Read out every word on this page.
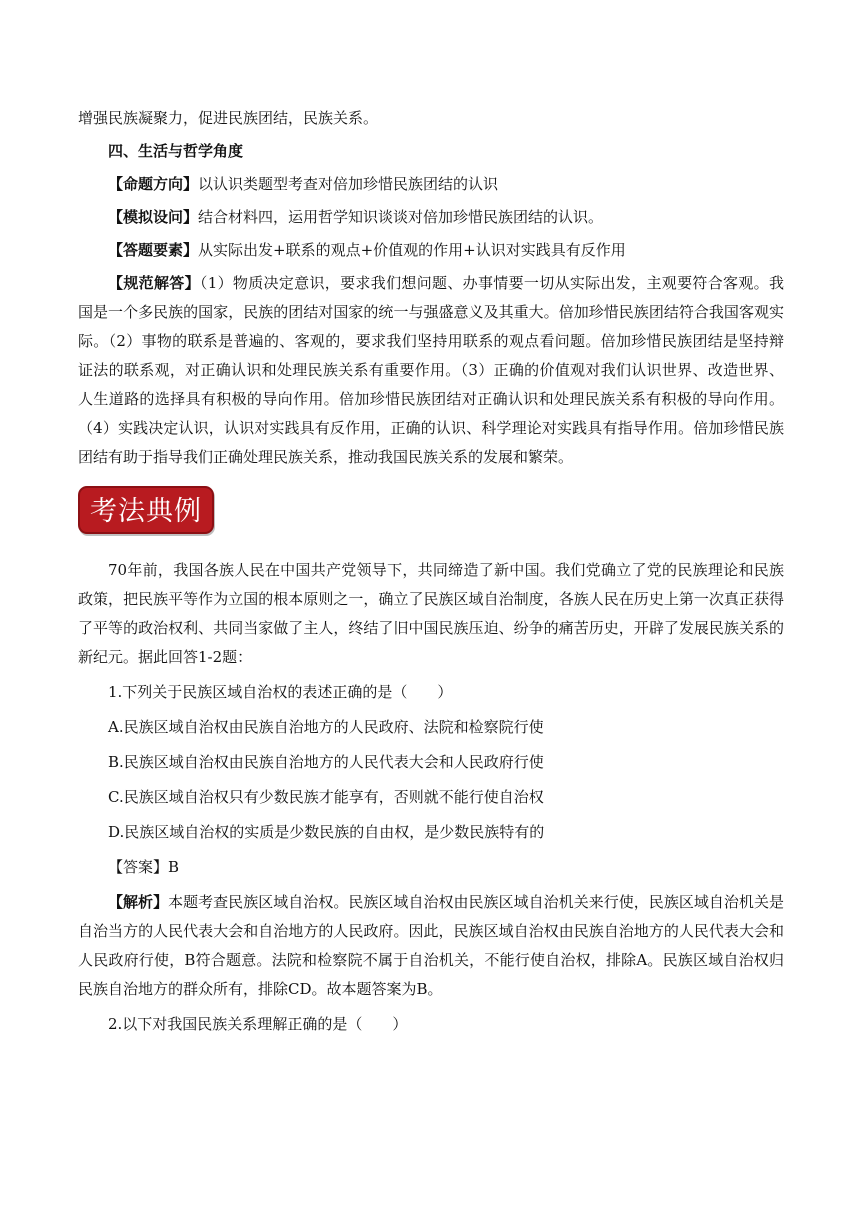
增强民族凝聚力，促进民族团结，民族关系。

四、生活与哲学角度

【命题方向】以认识类题型考查对倍加珍惜民族团结的认识

【模拟设问】结合材料四，运用哲学知识谈谈对倍加珍惜民族团结的认识。

【答题要素】从实际出发+联系的观点+价值观的作用+认识对实践具有反作用

【规范解答】（1）物质决定意识，要求我们想问题、办事情要一切从实际出发，主观要符合客观。我国是一个多民族的国家，民族的团结对国家的统一与强盛意义及其重大。倍加珍惜民族团结符合我国客观实际。（2）事物的联系是普遍的、客观的，要求我们坚持用联系的观点看问题。倍加珍惜民族团结是坚持辩证法的联系观，对正确认识和处理民族关系有重要作用。（3）正确的价值观对我们认识世界、改造世界、人生道路的选择具有积极的导向作用。倍加珍惜民族团结对正确认识和处理民族关系有积极的导向作用。（4）实践决定认识，认识对实践具有反作用，正确的认识、科学理论对实践具有指导作用。倍加珍惜民族团结有助于指导我们正确处理民族关系，推动我国民族关系的发展和繁荣。

考法典例

70年前，我国各族人民在中国共产党领导下，共同缔造了新中国。我们党确立了党的民族理论和民族政策，把民族平等作为立国的根本原则之一，确立了民族区域自治制度，各族人民在历史上第一次真正获得了平等的政治权利、共同当家做了主人，终结了旧中国民族压迫、纷争的痛苦历史，开辟了发展民族关系的新纪元。据此回答1-2题：

1.下列关于民族区域自治权的表述正确的是（　　）

A.民族区域自治权由民族自治地方的人民政府、法院和检察院行使

B.民族区域自治权由民族自治地方的人民代表大会和人民政府行使

C.民族区域自治权只有少数民族才能享有，否则就不能行使自治权

D.民族区域自治权的实质是少数民族的自由权，是少数民族特有的

【答案】B

【解析】本题考查民族区域自治权。民族区域自治权由民族区域自治机关来行使，民族区域自治机关是自治当方的人民代表大会和自治地方的人民政府。因此，民族区域自治权由民族自治地方的人民代表大会和人民政府行使，B符合题意。法院和检察院不属于自治机关，不能行使自治权，排除A。民族区域自治权归民族自治地方的群众所有，排除CD。故本题答案为B。

2.以下对我国民族关系理解正确的是（　　）
